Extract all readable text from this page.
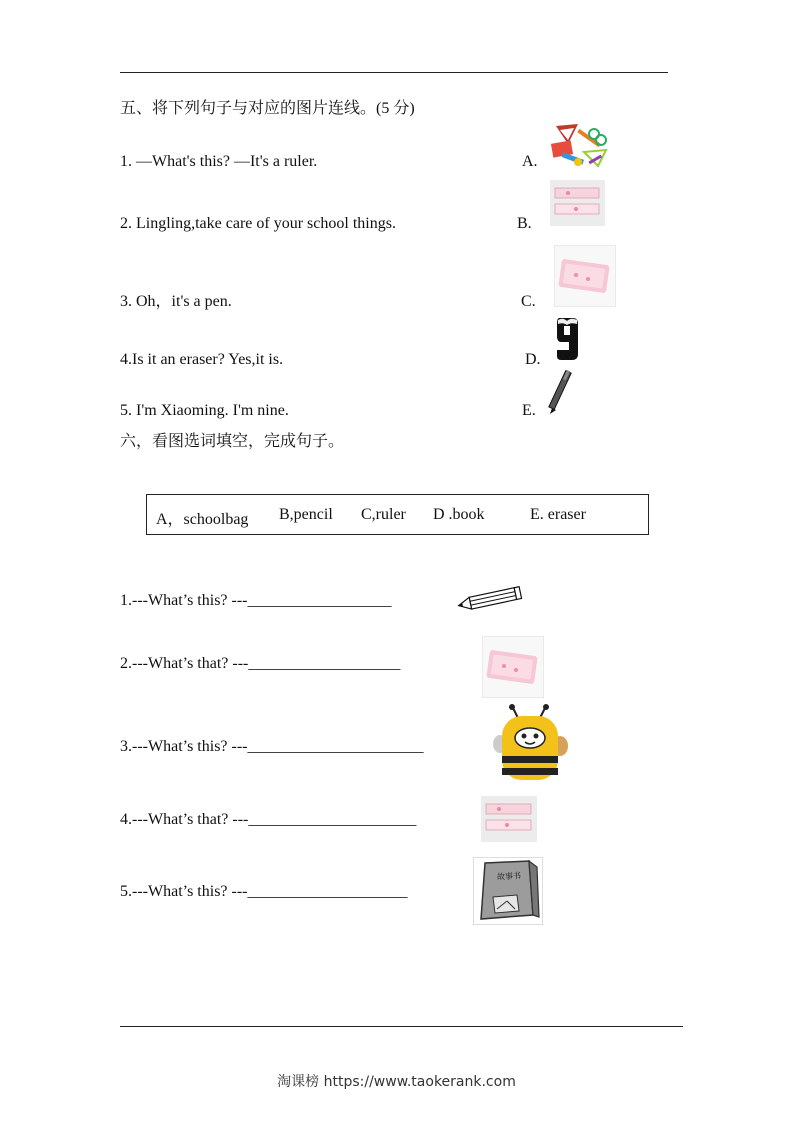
五、将下列句子与对应的图片连线。(5 分)
1. —What's this? —It's a ruler.	A.
2. Lingling,take care of your school things.	B.
3. Oh，it's a pen.	C.
4.Is it an eraser? Yes,it is.	D.
5. I'm Xiaoming. I'm nine.	E.
六，看图选词填空，完成句子。
A，schoolbag B,pencil C,ruler D .book	E. eraser
1.---What’s this? ---__________________
2.---What’s that? ---___________________
3.---What’s this? ---______________________
4.---What’s that? ---_____________________
5.---What’s this? ---____________________
故事书
淘课榜 https://www.taokerank.com
